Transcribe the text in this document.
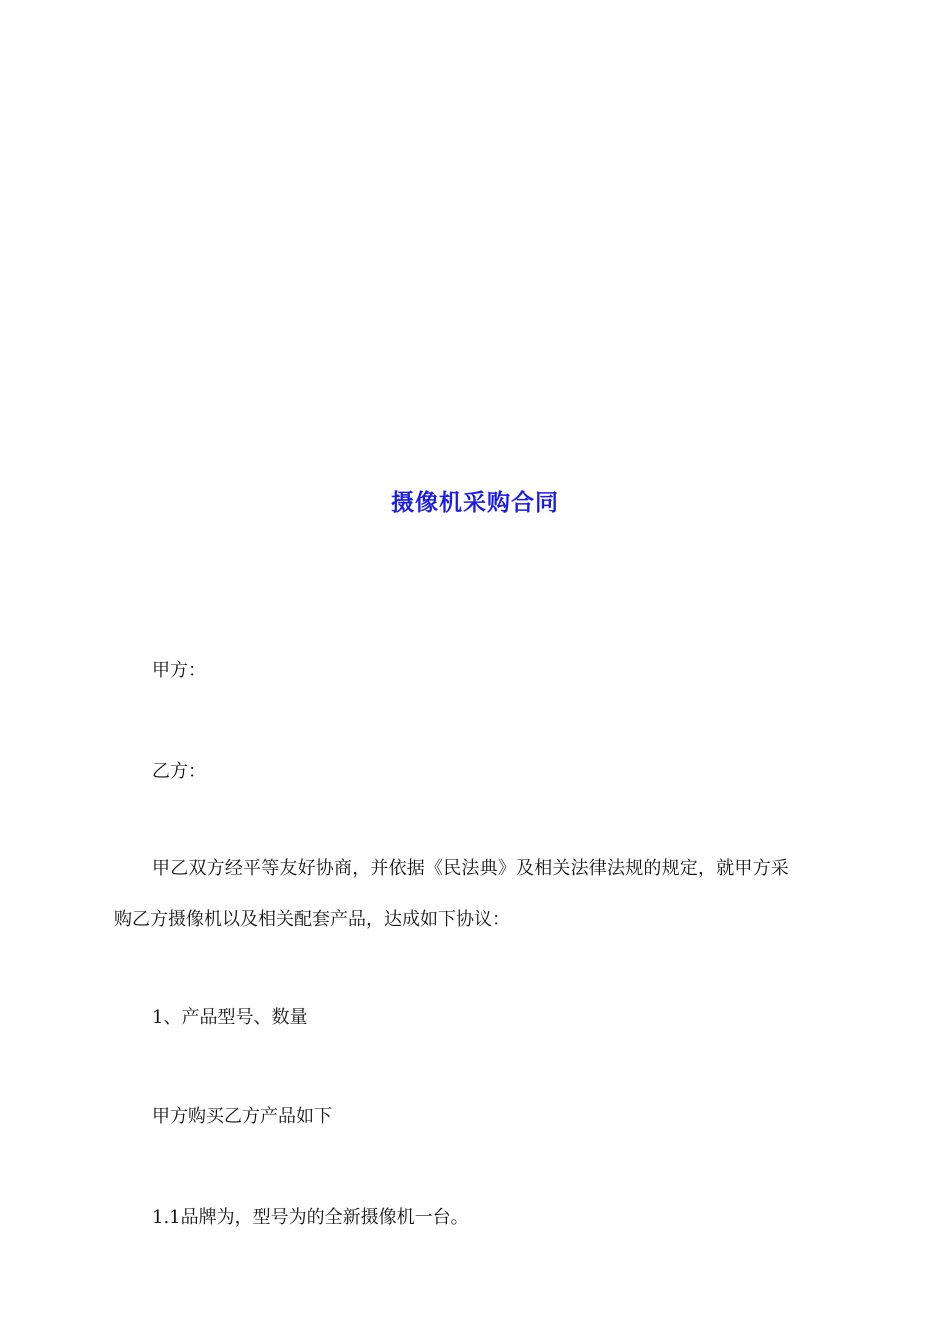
摄像机采购合同
甲方：
乙方：
甲乙双方经平等友好协商，并依据《民法典》及相关法律法规的规定，就甲方采
购乙方摄像机以及相关配套产品，达成如下协议：
1、产品型号、数量
甲方购买乙方产品如下
1.1品牌为，型号为的全新摄像机一台。
